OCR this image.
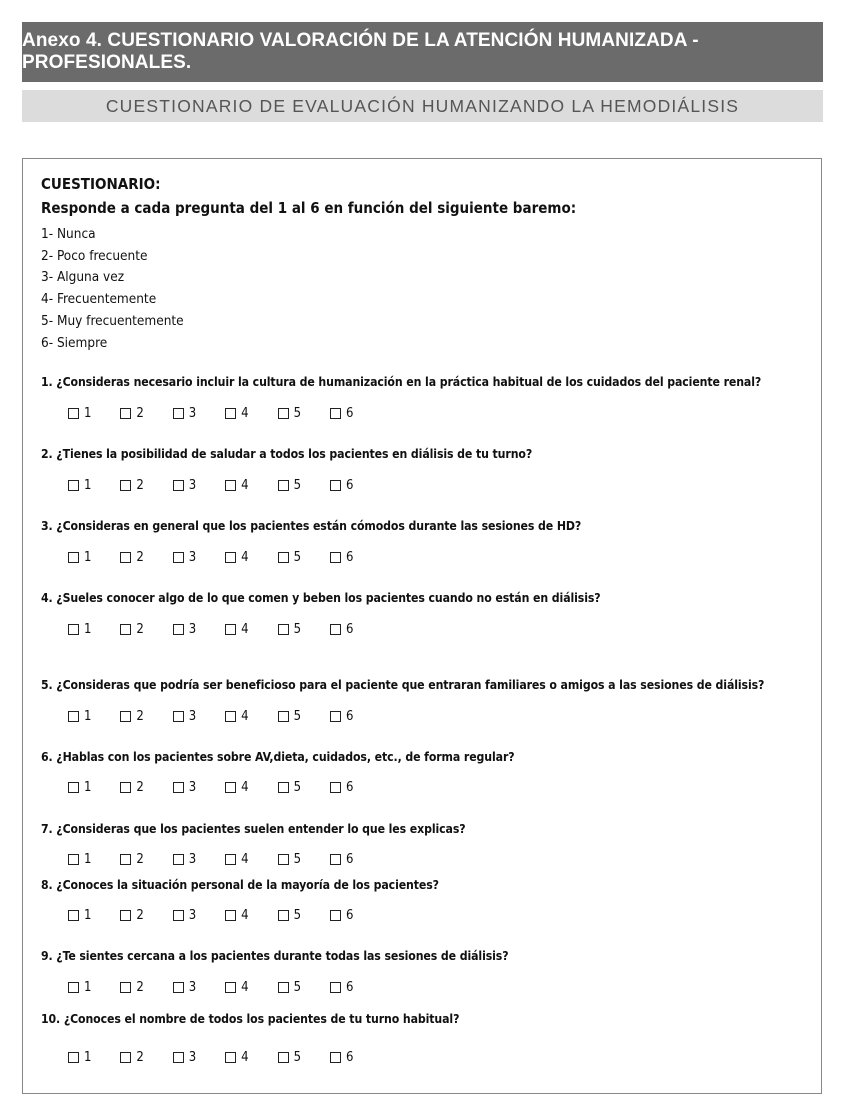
Anexo 4. CUESTIONARIO VALORACIÓN DE LA ATENCIÓN HUMANIZADA - PROFESIONALES.
CUESTIONARIO DE EVALUACIÓN HUMANIZANDO LA HEMODIÁLISIS
CUESTIONARIO:
Responde a cada pregunta del 1 al 6 en función del siguiente baremo:
1- Nunca
2- Poco frecuente
3- Alguna vez
4- Frecuentemente
5- Muy frecuentemente
6- Siempre
1. ¿Consideras necesario incluir la cultura de humanización en la práctica habitual de los cuidados del paciente renal?
1	2	3	4	5	6
2. ¿Tienes la posibilidad de saludar a todos los pacientes en diálisis de tu turno?
1	2	3	4	5	6
3. ¿Consideras en general que los pacientes están cómodos durante las sesiones de HD?
1	2	3	4	5	6
4. ¿Sueles conocer algo de lo que comen y beben los pacientes cuando no están en diálisis?
1	2	3	4	5	6
5. ¿Consideras que podría ser beneficioso para el paciente que entraran familiares o amigos a las sesiones de diálisis?
1	2	3	4	5	6
6. ¿Hablas con los pacientes sobre AV,dieta, cuidados, etc., de forma regular?
1	2	3	4	5	6
7. ¿Consideras que los pacientes suelen entender lo que les explicas?
1	2	3	4	5	6
8. ¿Conoces la situación personal de la mayoría de los pacientes?
1	2	3	4	5	6
9. ¿Te sientes cercana a los pacientes durante todas las sesiones de diálisis?
1	2	3	4	5	6
10. ¿Conoces el nombre de todos los pacientes de tu turno habitual?
1	2	3	4	5	6
